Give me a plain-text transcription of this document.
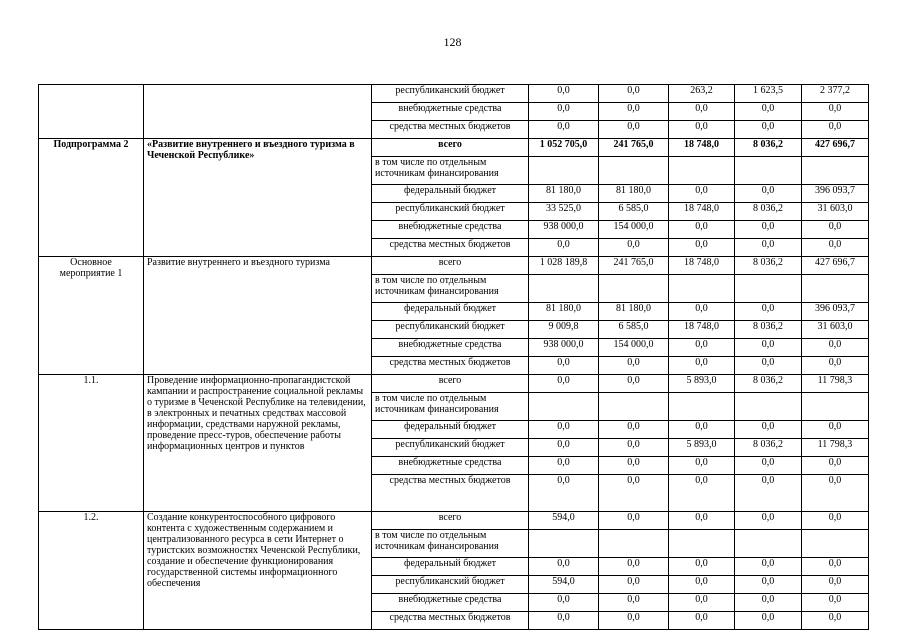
128
		республиканский бюджет	0,0	0,0	263,2	1 623,5	2 377,2
		внебюджетные средства	0,0	0,0	0,0	0,0	0,0
		средства местных бюджетов	0,0	0,0	0,0	0,0	0,0
Подпрограмма 2	«Развитие внутреннего и въездного туризма в Чеченской Республике»	всего	1 052 705,0	241 765,0	18 748,0	8 036,2	427 696,7
		в том числе по отдельным источникам финансирования					
		федеральный бюджет	81 180,0	81 180,0	0,0	0,0	396 093,7
		республиканский бюджет	33 525,0	6 585,0	18 748,0	8 036,2	31 603,0
		внебюджетные средства	938 000,0	154 000,0	0,0	0,0	0,0
		средства местных бюджетов	0,0	0,0	0,0	0,0	0,0
Основное мероприятие 1	Развитие внутреннего и въездного туризма	всего	1 028 189,8	241 765,0	18 748,0	8 036,2	427 696,7
		в том числе по отдельным источникам финансирования					
		федеральный бюджет	81 180,0	81 180,0	0,0	0,0	396 093,7
		республиканский бюджет	9 009,8	6 585,0	18 748,0	8 036,2	31 603,0
		внебюджетные средства	938 000,0	154 000,0	0,0	0,0	0,0
		средства местных бюджетов	0,0	0,0	0,0	0,0	0,0
1.1.	Проведение информационно-пропагандистской кампании и распространение социальной рекламы о туризме в Чеченской Республике на телевидении, в электронных и печатных средствах массовой информации, средствами наружной рекламы, проведение пресс-туров, обеспечение работы информационных центров и пунктов	всего	0,0	0,0	5 893,0	8 036,2	11 798,3
		в том числе по отдельным источникам финансирования					
		федеральный бюджет	0,0	0,0	0,0	0,0	0,0
		республиканский бюджет	0,0	0,0	5 893,0	8 036,2	11 798,3
		внебюджетные средства	0,0	0,0	0,0	0,0	0,0
		средства местных бюджетов	0,0	0,0	0,0	0,0	0,0
1.2.	Создание конкурентоспособного цифрового контента с художественным содержанием и централизованного ресурса в сети Интернет о туристских возможностях Чеченской Республики, создание и обеспечение функционирования государственной системы информационного обеспечения	всего	594,0	0,0	0,0	0,0	0,0
		в том числе по отдельным источникам финансирования					
		федеральный бюджет	0,0	0,0	0,0	0,0	0,0
		республиканский бюджет	594,0	0,0	0,0	0,0	0,0
		внебюджетные средства	0,0	0,0	0,0	0,0	0,0
		средства местных бюджетов	0,0	0,0	0,0	0,0	0,0
